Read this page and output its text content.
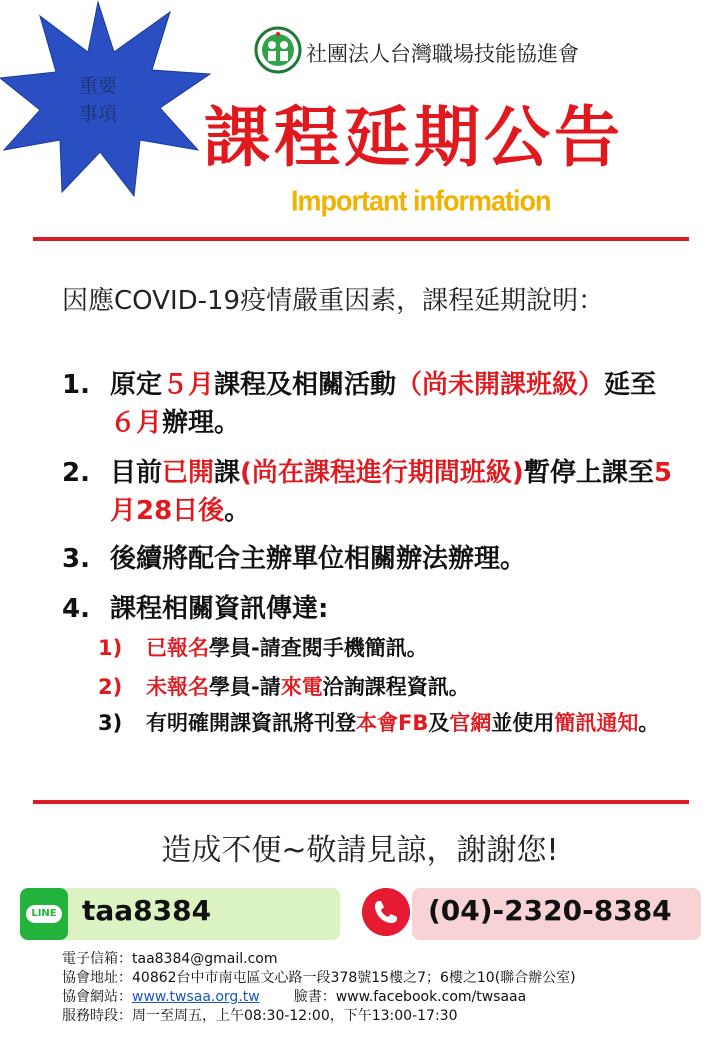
重要
事項
社團法人台灣職場技能協進會
課程延期公告
Important information
因應COVID-19疫情嚴重因素，課程延期說明：
1. 原定５月課程及相關活動（尚未開課班級）延至６月辦理。
2. 目前已開課(尚在課程進行期間班級)暫停上課至5月28日後。
3. 後續將配合主辦單位相關辦法辦理。
4. 課程相關資訊傳達:
1)	已報名學員-請查閱手機簡訊。
2)	未報名學員-請來電洽詢課程資訊。
3)	有明確開課資訊將刊登本會FB及官網並使用簡訊通知。
造成不便~敬請見諒，謝謝您!
LINE taa8384	(04)-2320-8384
電子信箱：taa8384@gmail.com
協會地址：40862台中市南屯區文心路一段378號15樓之7；6樓之10(聯合辦公室)
協會網站：www.twsaa.org.tw 臉書：www.facebook.com/twsaaa
服務時段：周一至周五，上午08:30-12:00，下午13:00-17:30
